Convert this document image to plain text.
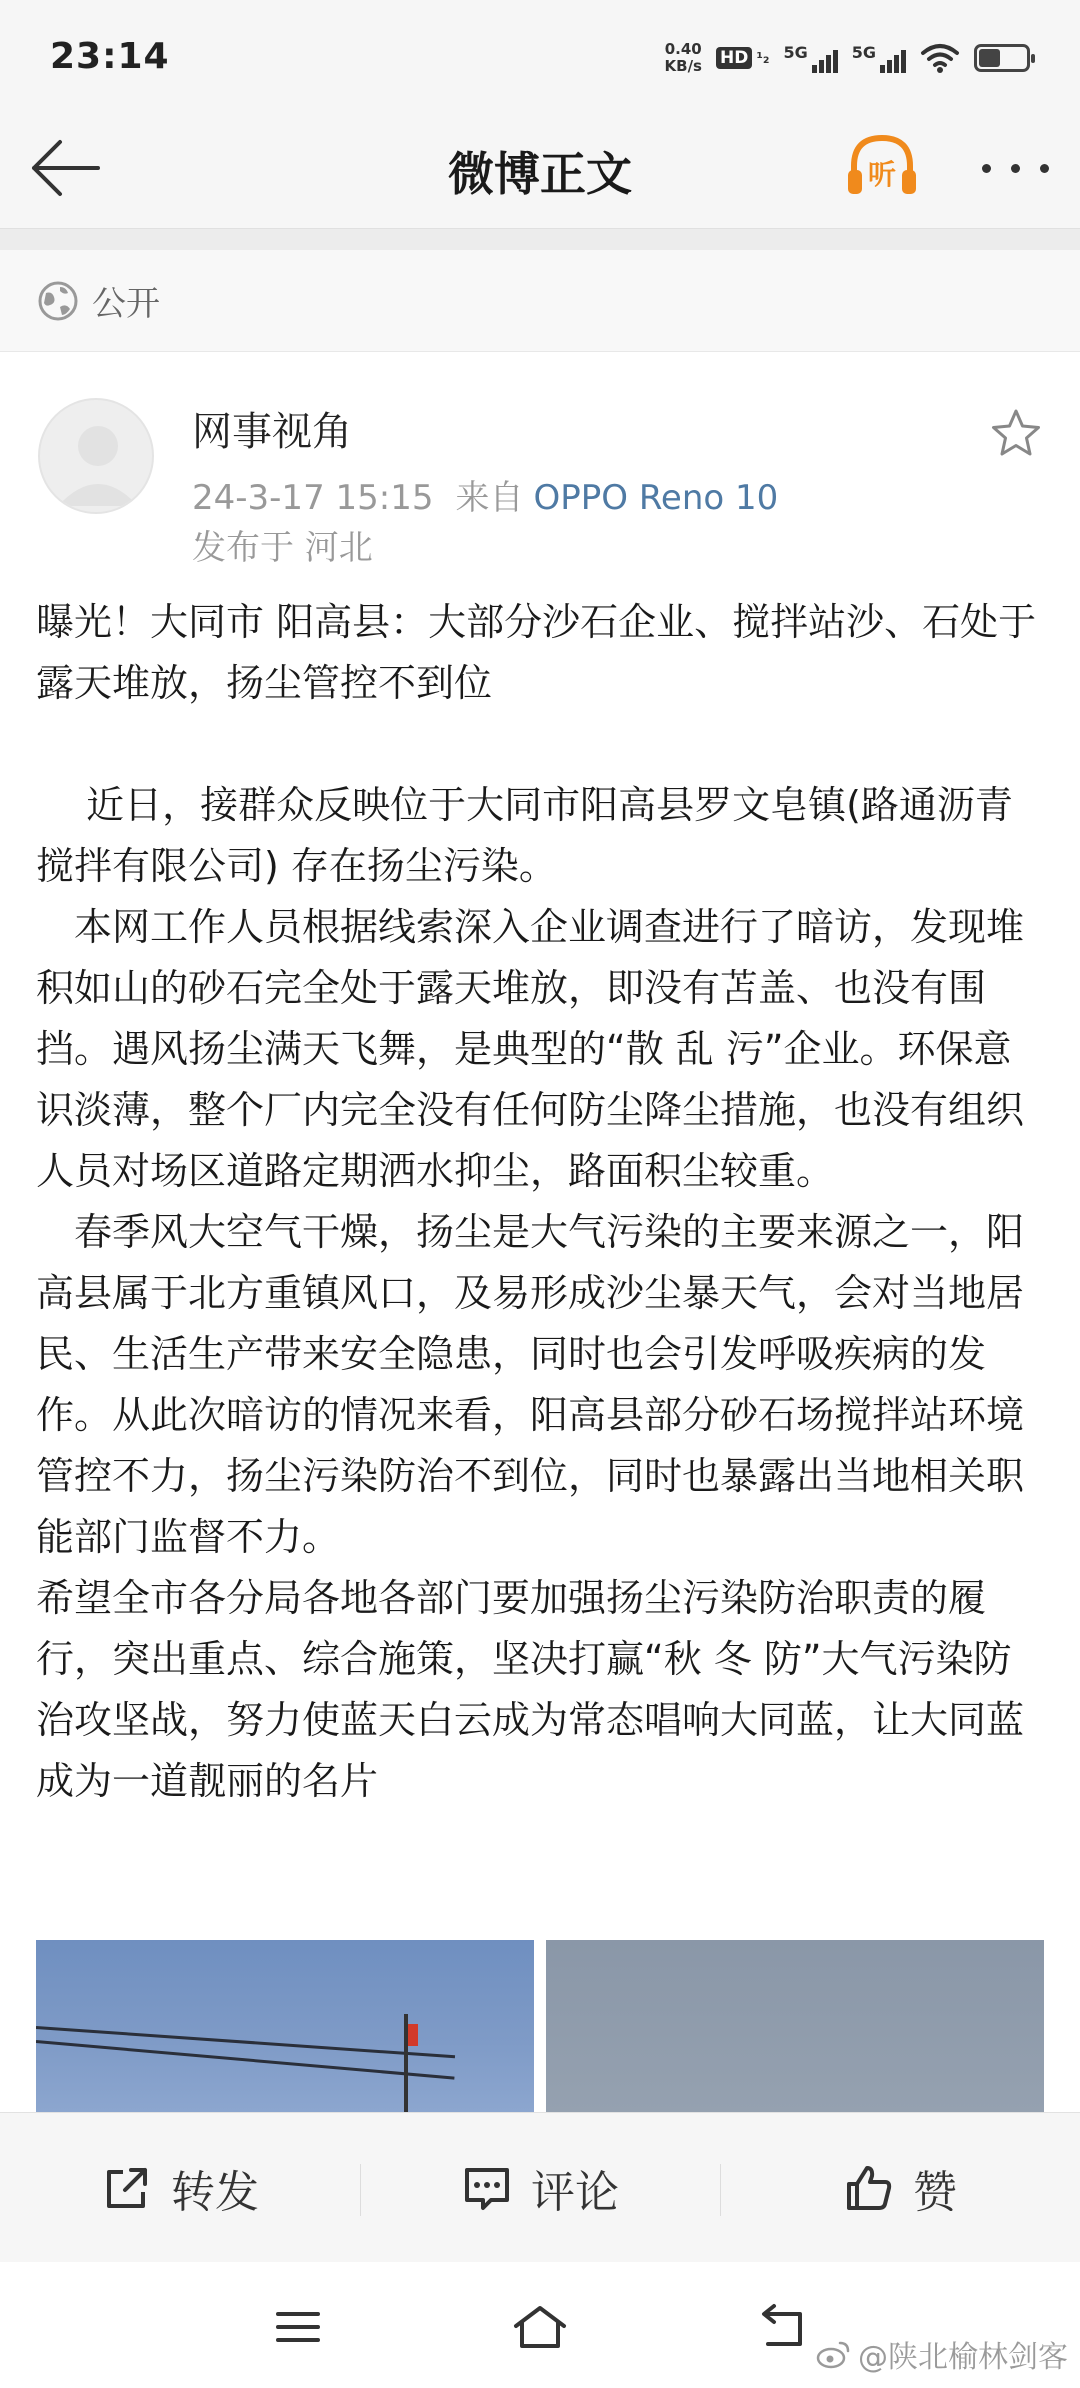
23:14	0.40
KB/s HD ¹₂ 5G	5G
微博正文	听
公开
网事视角
24-3-17 15:15 来自 OPPO Reno 10
发布于 河北
曝光！大同市 阳高县：大部分沙石企业、搅拌站沙、石处于露天堆放，扬尘管控不到位

　 近日，接群众反映位于大同市阳高县罗文皂镇(路通沥青搅拌有限公司) 存在扬尘污染。

　本网工作人员根据线索深入企业调查进行了暗访，发现堆积如山的砂石完全处于露天堆放，即没有苫盖、也没有围挡。遇风扬尘满天飞舞，是典型的“散 乱 污”企业。环保意识淡薄，整个厂内完全没有任何防尘降尘措施，也没有组织人员对场区道路定期洒水抑尘，路面积尘较重。

　春季风大空气干燥，扬尘是大气污染的主要来源之一，阳高县属于北方重镇风口，及易形成沙尘暴天气，会对当地居民、生活生产带来安全隐患，同时也会引发呼吸疾病的发作。从此次暗访的情况来看，阳高县部分砂石场搅拌站环境管控不力，扬尘污染防治不到位，同时也暴露出当地相关职能部门监督不力。

希望全市各分局各地各部门要加强扬尘污染防治职责的履行，突出重点、综合施策，坚决打赢“秋 冬 防”大气污染防治攻坚战，努力使蓝天白云成为常态唱响大同蓝，让大同蓝成为一道靓丽的名片

转发	评论	赞
@陕北榆林剑客
